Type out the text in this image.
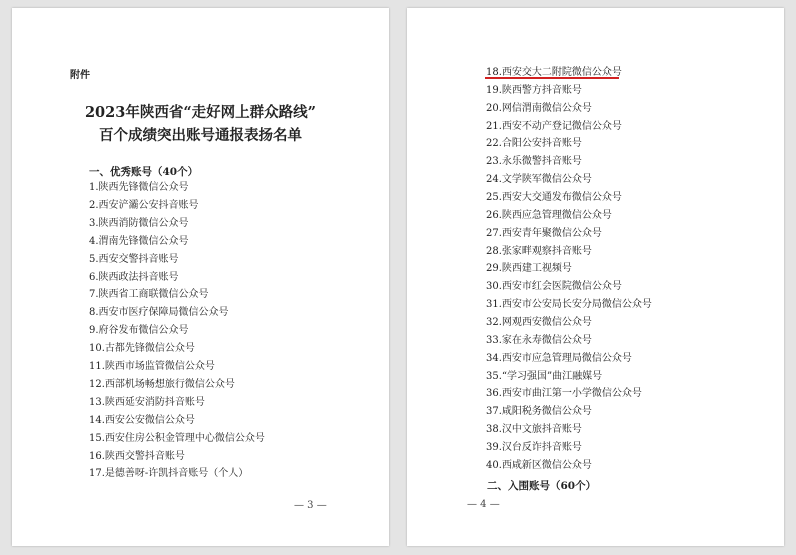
附件
2023年陕西省“走好网上群众路线”
百个成绩突出账号通报表扬名单
一、优秀账号（40个）
1.陕西先锋微信公众号
2.西安浐灞公安抖音账号
3.陕西消防微信公众号
4.渭南先锋微信公众号
5.西安交警抖音账号
6.陕西政法抖音账号
7.陕西省工商联微信公众号
8.西安市医疗保障局微信公众号
9.府谷发布微信公众号
10.古都先锋微信公众号
11.陕西市场监管微信公众号
12.西部机场畅想旅行微信公众号
13.陕西延安消防抖音账号
14.西安公安微信公众号
15.西安住房公积金管理中心微信公众号
16.陕西交警抖音账号
17.是德善呀-许凯抖音账号（个人）
— 3 —
18.西安交大二附院微信公众号
19.陕西警方抖音账号
20.网信渭南微信公众号
21.西安不动产登记微信公众号
22.合阳公安抖音账号
23.永乐微警抖音账号
24.文学陕军微信公众号
25.西安大交通发布微信公众号
26.陕西应急管理微信公众号
27.西安青年聚微信公众号
28.张家畔观察抖音账号
29.陕西建工视频号
30.西安市红会医院微信公众号
31.西安市公安局长安分局微信公众号
32.网观西安微信公众号
33.家在永寿微信公众号
34.西安市应急管理局微信公众号
35.“学习强国”曲江融媒号
36.西安市曲江第一小学微信公众号
37.咸阳税务微信公众号
38.汉中文旅抖音账号
39.汉台反诈抖音账号
40.西咸新区微信公众号
二、入围账号（60个）
— 4 —
